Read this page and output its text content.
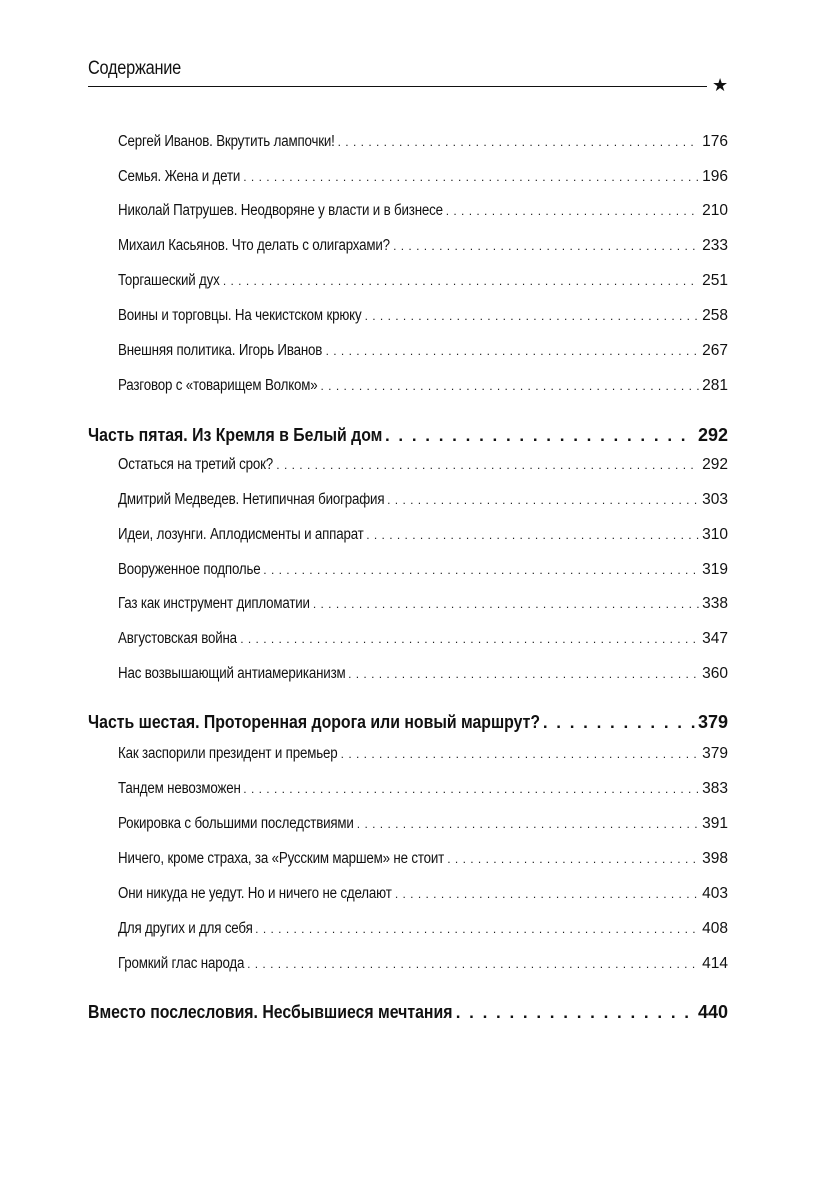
Содержание
★
Сергей Иванов. Вкрутить лампочки! . . .	176
Семья. Жена и дети . . .	196
Николай Патрушев. Неодворяне у власти и в бизнесе . . .	210
Михаил Касьянов. Что делать с олигархами? . . .	233
Торгашеский дух . . .	251
Воины и торговцы. На чекистском крюку . . .	258
Внешняя политика. Игорь Иванов . . .	267
Разговор с «товарищем Волком» . . .	281
Часть пятая. Из Кремля в Белый дом . . .	292
Остаться на третий срок? . . .	292
Дмитрий Медведев. Нетипичная биография . . .	303
Идеи, лозунги. Аплодисменты и аппарат . . .	310
Вооруженное подполье . . .	319
Газ как инструмент дипломатии . . .	338
Августовская война . . .	347
Нас возвышающий антиамериканизм . . .	360
Часть шестая. Проторенная дорога или новый маршрут? . . .	379
Как заспорили президент и премьер . . .	379
Тандем невозможен . . .	383
Рокировка с большими последствиями . . .	391
Ничего, кроме страха, за «Русским маршем» не стоит . . .	398
Они никуда не уедут. Но и ничего не сделают . . .	403
Для других и для себя . . .	408
Громкий глас народа . . .	414
Вместо послесловия. Несбывшиеся мечтания . . .	440
